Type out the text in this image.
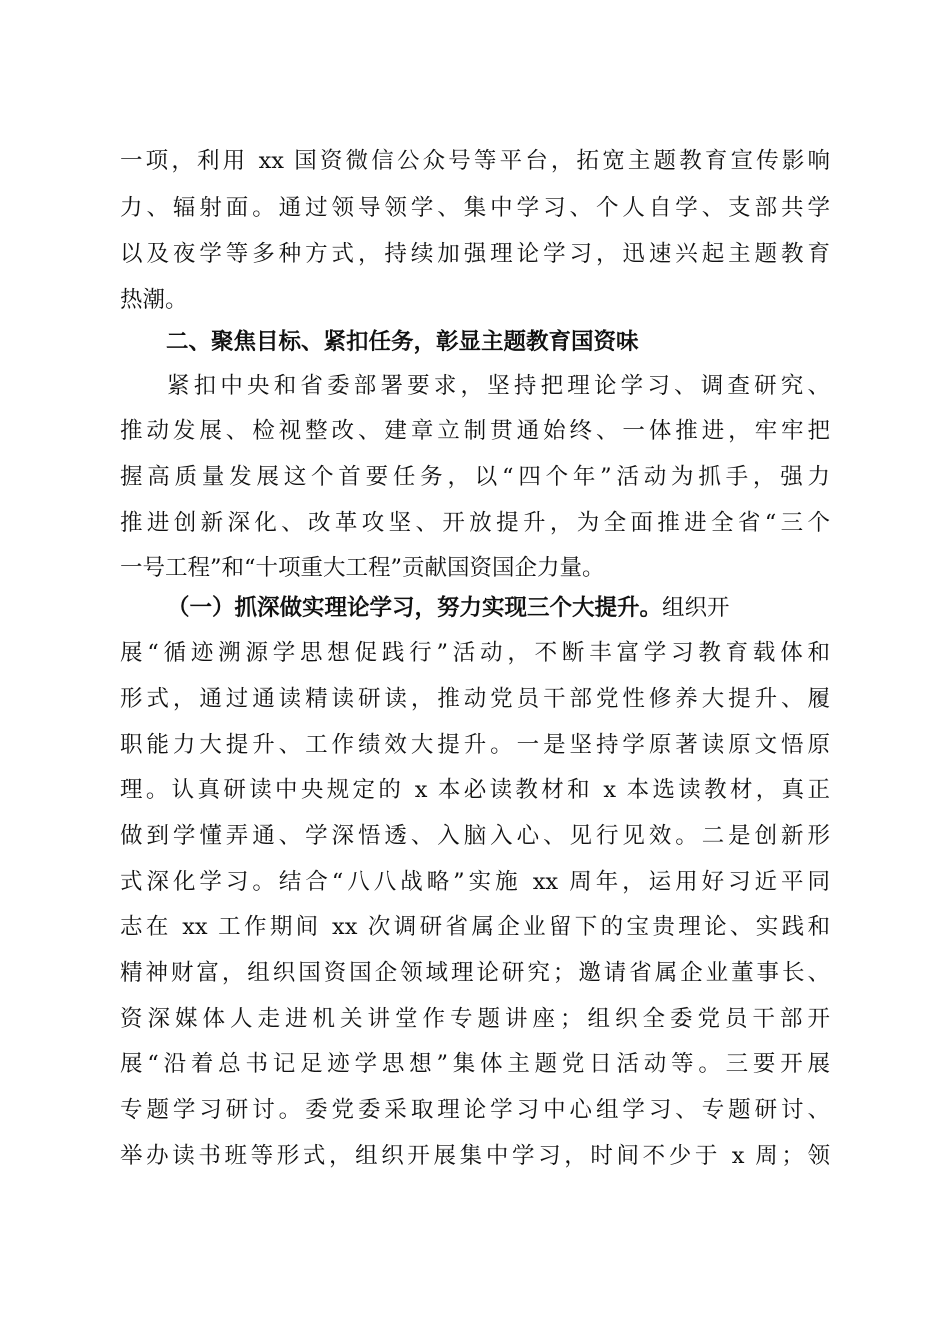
一项，利用 xx 国资微信公众号等平台，拓宽主题教育宣传影响
力、辐射面。通过领导领学、集中学习、个人自学、支部共学
以及夜学等多种方式，持续加强理论学习，迅速兴起主题教育
热潮。
二、聚焦目标、紧扣任务，彰显主题教育国资味
紧扣中央和省委部署要求，坚持把理论学习、调查研究、
推动发展、检视整改、建章立制贯通始终、一体推进，牢牢把
握高质量发展这个首要任务，以“四个年”活动为抓手，强力
推进创新深化、改革攻坚、开放提升，为全面推进全省“三个
一号工程”和“十项重大工程”贡献国资国企力量。
（一）抓深做实理论学习，努力实现三个大提升。组织开
展“循迹溯源学思想促践行”活动，不断丰富学习教育载体和
形式，通过通读精读研读，推动党员干部党性修养大提升、履
职能力大提升、工作绩效大提升。一是坚持学原著读原文悟原
理。认真研读中央规定的 x 本必读教材和 x 本选读教材，真正
做到学懂弄通、学深悟透、入脑入心、见行见效。二是创新形
式深化学习。结合“八八战略”实施 xx 周年，运用好习近平同
志在 xx 工作期间 xx 次调研省属企业留下的宝贵理论、实践和
精神财富，组织国资国企领域理论研究；邀请省属企业董事长、
资深媒体人走进机关讲堂作专题讲座；组织全委党员干部开
展“沿着总书记足迹学思想”集体主题党日活动等。三要开展
专题学习研讨。委党委采取理论学习中心组学习、专题研讨、
举办读书班等形式，组织开展集中学习，时间不少于 x 周；领
